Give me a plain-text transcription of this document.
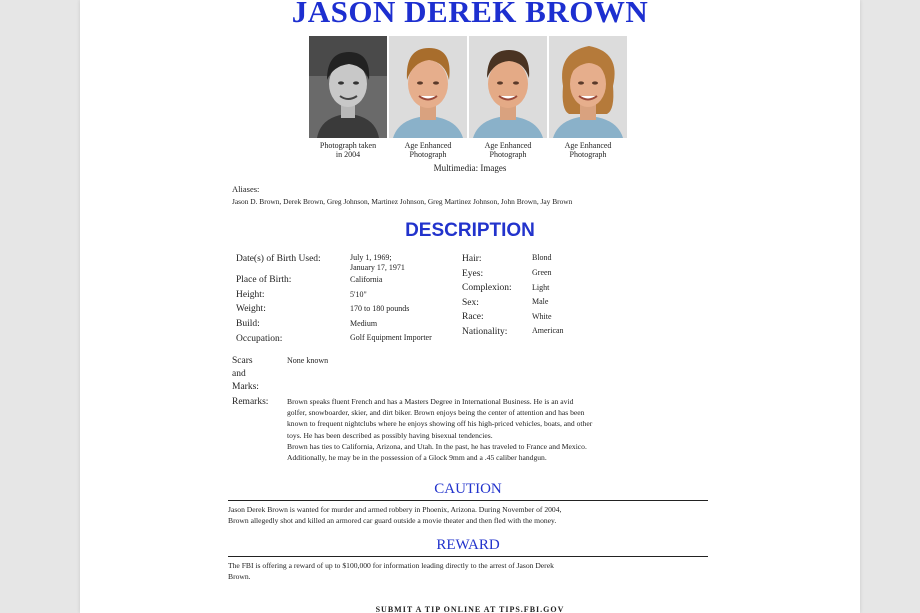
JASON DEREK BROWN
Photograph taken
in 2004
Age Enhanced
Photograph
Age Enhanced
Photograph
Age Enhanced
Photograph
Multimedia: Images
Aliases:
Jason D. Brown, Derek Brown, Greg Johnson, Martinez Johnson, Greg Martinez Johnson, John Brown, Jay Brown
DESCRIPTION
Date(s) of Birth Used:	July 1, 1969;
January 17, 1971
Place of Birth:	California
Height:	5'10"
Weight:	170 to 180 pounds
Build:	Medium
Occupation:	Golf Equipment Importer
Hair:	Blond
Eyes:	Green
Complexion:	Light
Sex:	Male
Race:	White
Nationality:	American
Scars
and
Marks:
None known
Remarks: Brown speaks fluent French and has a Masters Degree in International Business. He is an avid
golfer, snowboarder, skier, and dirt biker. Brown enjoys being the center of attention and has been
known to frequent nightclubs where he enjoys showing off his high-priced vehicles, boats, and other
toys. He has been described as possibly having bisexual tendencies.
Brown has ties to California, Arizona, and Utah. In the past, he has traveled to France and Mexico.
Additionally, he may be in the possession of a Glock 9mm and a .45 caliber handgun.
CAUTION
Jason Derek Brown is wanted for murder and armed robbery in Phoenix, Arizona. During November of 2004,
Brown allegedly shot and killed an armored car guard outside a movie theater and then fled with the money.
REWARD
The FBI is offering a reward of up to $100,000 for information leading directly to the arrest of Jason Derek
Brown.
SUBMIT A TIP ONLINE AT TIPS.FBI.GOV
